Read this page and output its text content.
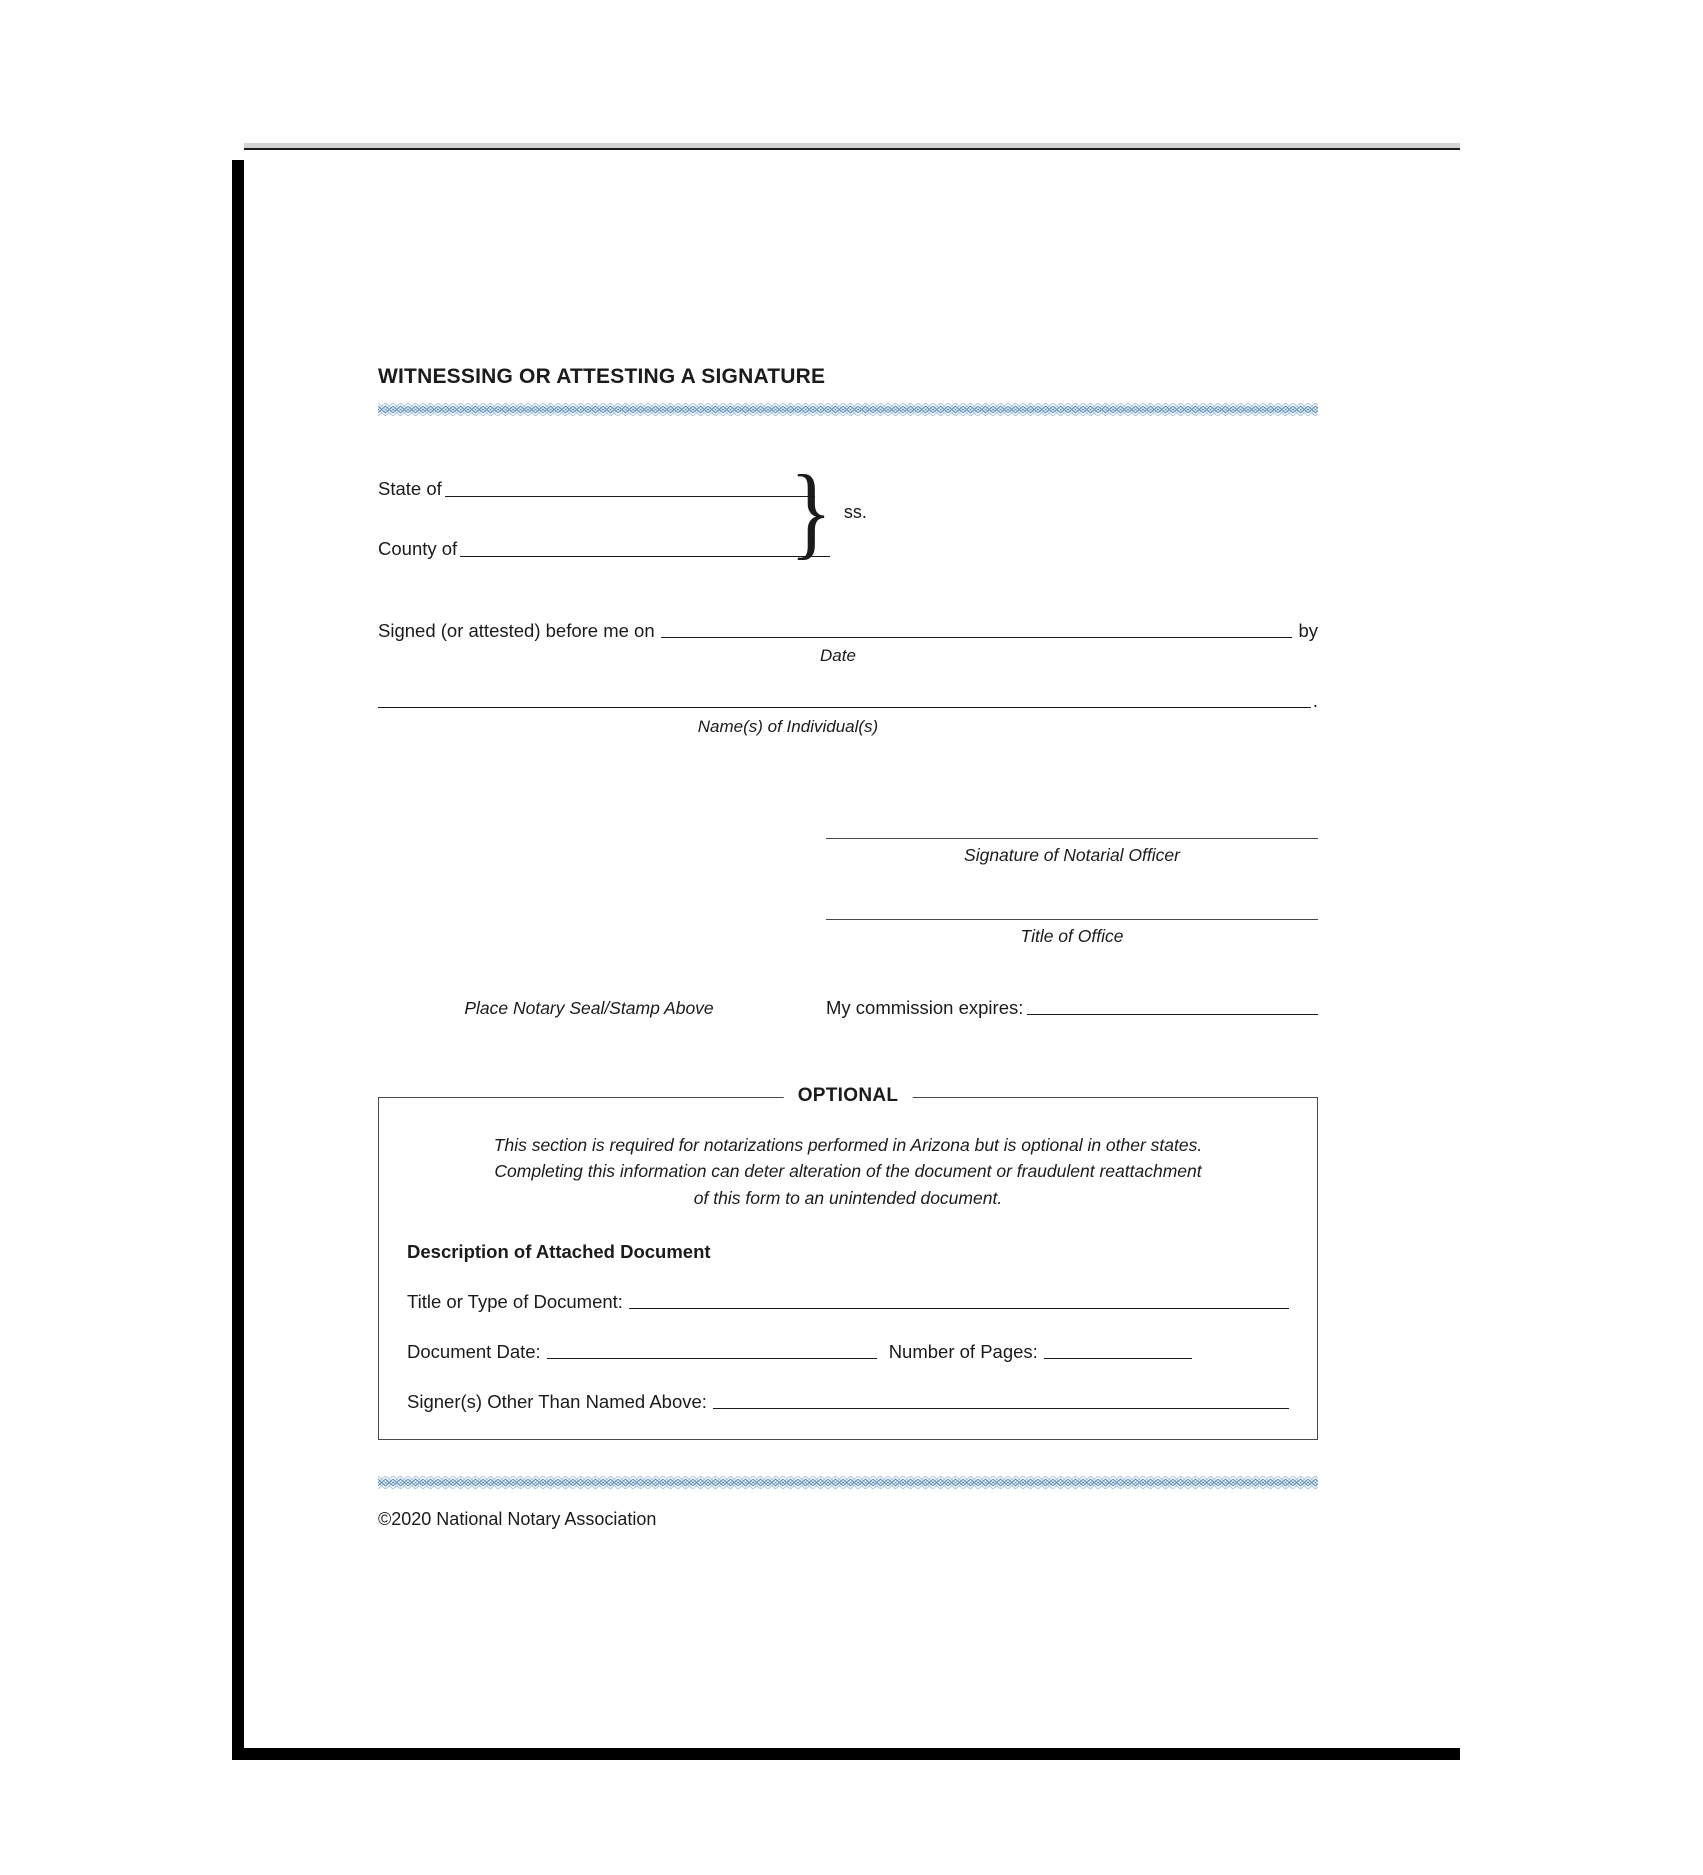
WITNESSING OR ATTESTING A SIGNATURE
State of
County of	} ss.
Signed (or attested) before me on	by
Date
.
Name(s) of Individual(s)
Signature of Notarial Officer
Title of Office
Place Notary Seal/Stamp Above	My commission expires:
OPTIONAL
This section is required for notarizations performed in Arizona but is optional in other states.
Completing this information can deter alteration of the document or fraudulent reattachment
of this form to an unintended document.
Description of Attached Document
Title or Type of Document:
Document Date:	Number of Pages:
Signer(s) Other Than Named Above:
©2020 National Notary Association
